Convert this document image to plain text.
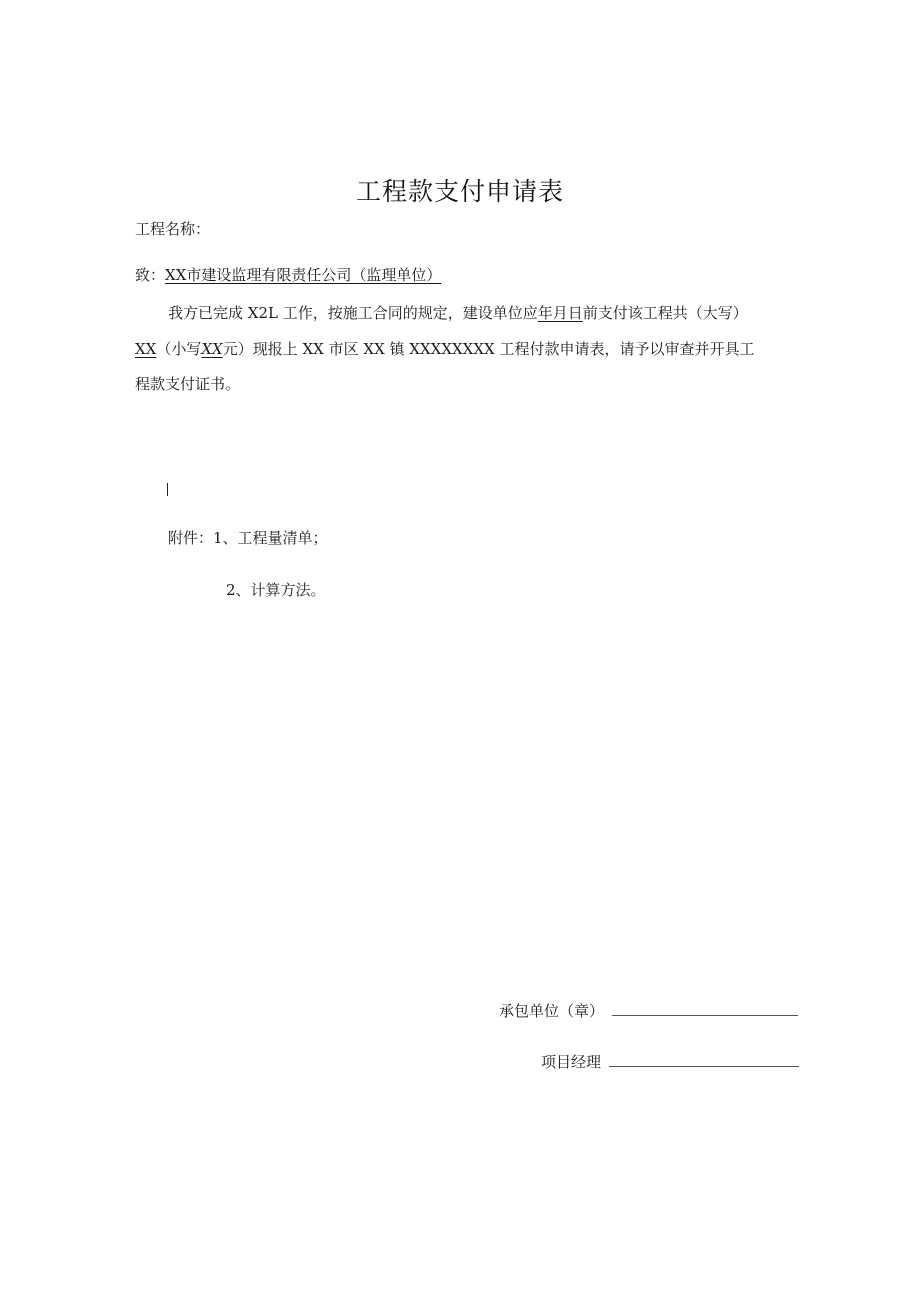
工程款支付申请表
工程名称：
致：XX市建设监理有限责任公司（监理单位）
我方已完成 X2L 工作，按施工合同的规定，建设单位应年月日前支付该工程共（大写）
XX（小写XX元）现报上 XX 市区 XX 镇 XXXXXXXX 工程付款申请表，请予以审查并开具工
程款支付证书。
附件：1、工程量清单；
2、计算方法。
承包单位（章）
项目经理
